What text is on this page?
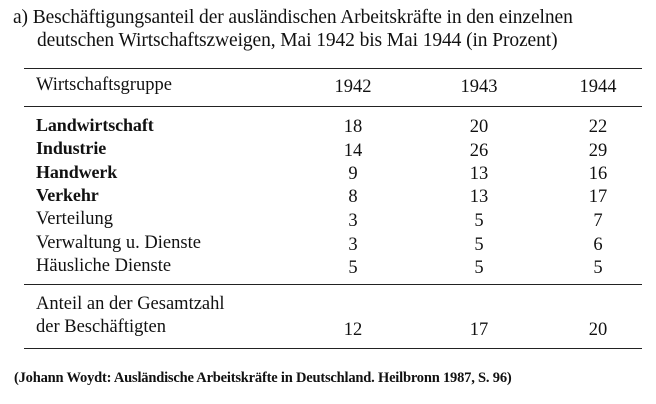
a) Beschäftigungsanteil der ausländischen Arbeitskräfte in den einzelnen
deutschen Wirtschaftszweigen, Mai 1942 bis Mai 1944 (in Prozent)
Wirtschaftsgruppe	1942	1943	1944
Landwirtschaft	18	20	22
Industrie	14	26	29
Handwerk	9	13	16
Verkehr	8	13	17
Verteilung	3	5	7
Verwaltung u. Dienste	3	5	6
Häusliche Dienste	5	5	5
Anteil an der Gesamtzahl
der Beschäftigten	12	17	20
(Johann Woydt: Ausländische Arbeitskräfte in Deutschland. Heilbronn 1987, S. 96)
